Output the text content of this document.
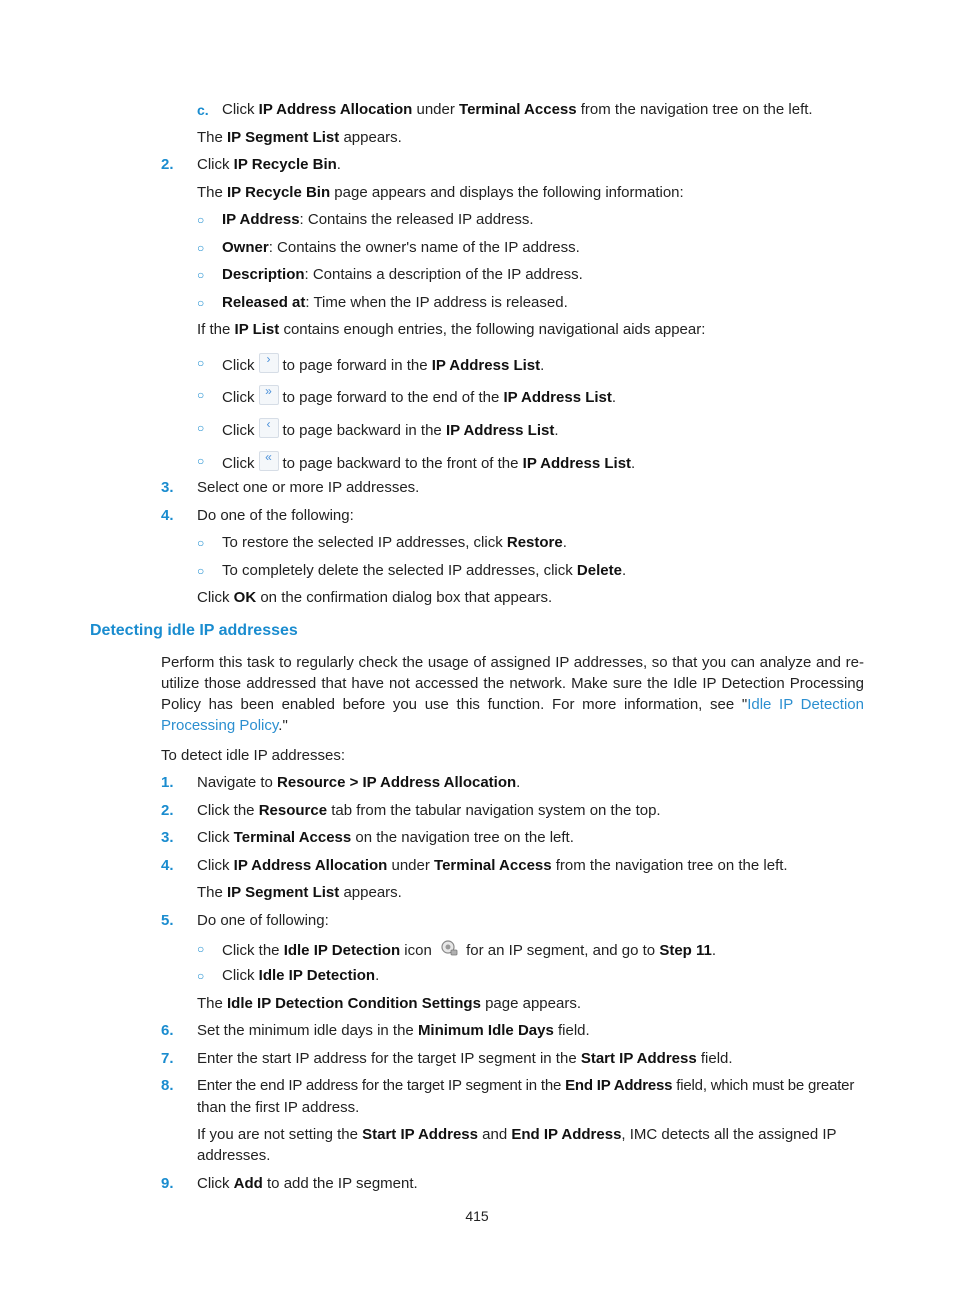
c. Click IP Address Allocation under Terminal Access from the navigation tree on the left.
The IP Segment List appears.
2. Click IP Recycle Bin.
The IP Recycle Bin page appears and displays the following information:
○ IP Address: Contains the released IP address.
○ Owner: Contains the owner's name of the IP address.
○ Description: Contains a description of the IP address.
○ Released at: Time when the IP address is released.
If the IP List contains enough entries, the following navigational aids appear:
○ Click	› to page forward in the IP Address List.
○ Click » to page forward to the end of the IP Address List.
○ Click	‹ to page backward in the IP Address List.
○ Click « to page backward to the front of the IP Address List.
3. Select one or more IP addresses.
4. Do one of the following:
○ To restore the selected IP addresses, click Restore.
○ To completely delete the selected IP addresses, click Delete.
Click OK on the confirmation dialog box that appears.
Detecting idle IP addresses
Perform this task to regularly check the usage of assigned IP addresses, so that you can analyze and re-utilize those addressed that have not accessed the network. Make sure the Idle IP Detection Processing Policy has been enabled before you use this function. For more information, see "Idle IP Detection Processing Policy."
To detect idle IP addresses:
1. Navigate to Resource > IP Address Allocation.
2. Click the Resource tab from the tabular navigation system on the top.
3. Click Terminal Access on the navigation tree on the left.
4. Click IP Address Allocation under Terminal Access from the navigation tree on the left.
The IP Segment List appears.
5. Do one of following:
○ Click the Idle IP Detection icon  for an IP segment, and go to Step 11.
○ Click Idle IP Detection.
The Idle IP Detection Condition Settings page appears.
6. Set the minimum idle days in the Minimum Idle Days field.
7. Enter the start IP address for the target IP segment in the Start IP Address field.
8. Enter the end IP address for the target IP segment in the End IP Address field, which must be greater
than the first IP address.
If you are not setting the Start IP Address and End IP Address, IMC detects all the assigned IP
addresses.
9. Click Add to add the IP segment.
415
